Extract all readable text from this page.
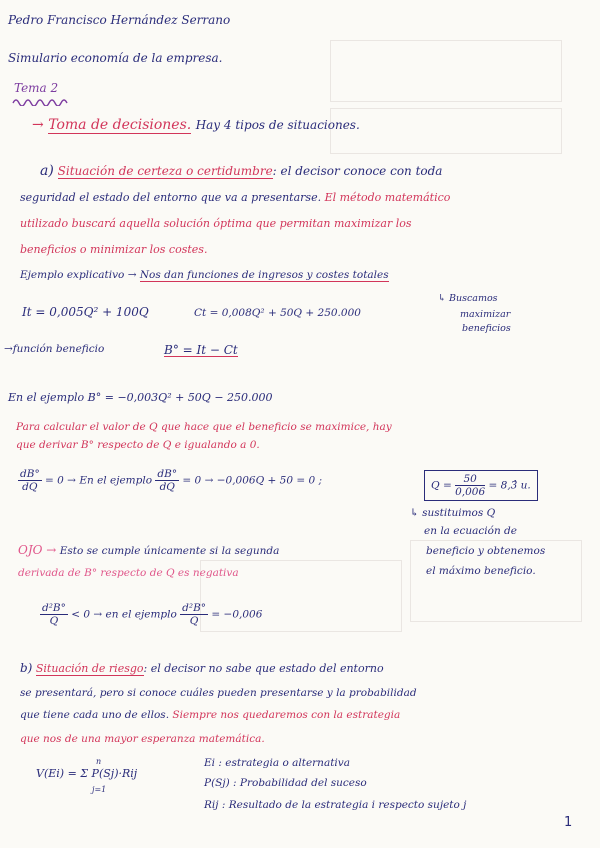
Pedro Francisco Hernández Serrano
Simulario economía de la empresa.
Tema 2
→ Toma de decisiones. Hay 4 tipos de situaciones.
a) Situación de certeza o certidumbre: el decisor conoce con toda
seguridad el estado del entorno que va a presentarse. El método matemático
utilizado buscará aquella solución óptima que permitan maximizar los
beneficios o minimizar los costes.
Ejemplo explicativo → Nos dan funciones de ingresos y costes totales
↳ Buscamos
maximizar
beneficios
It = 0,005Q² + 100Q	Ct = 0,008Q² + 50Q + 250.000
→función beneficio	B° = It − Ct
En el ejemplo B° = −0,003Q² + 50Q − 250.000
Para calcular el valor de Q que hace que el beneficio se maximice, hay
que derivar B° respecto de Q e igualando a 0.
$\frac{dB^\circ}{dQ} = 0 \to En$ el ejemplo $\frac{dB^\circ}{dQ} = 0 \to -0,006Q + 50 = 0$ ;	$Q = \frac{50}{0,006}$ = 8,3̂ u.
↳ sustituimos Q
en la ecuación de
beneficio y obtenemos
el máximo beneficio.
OJO → Esto se cumple únicamente si la segunda
derivada de B° respecto de Q es negativa
$\frac{\text{d²B°}}{Q} < 0$ → en el ejemplo $\frac{\text{d²B°}}{Q} = -0,006$
b) Situación de riesgo: el decisor no sabe que estado del entorno
se presentará, pero si conoce cuáles pueden presentarse y la probabilidad
que tiene cada uno de ellos. Siempre nos quedaremos con la estrategia
que nos de una mayor esperanza matemática.
V(Ei) = Σ P(Sj)·Rij
n
j=1
Ei : estrategia o alternativa
P(Sj) : Probabilidad del suceso
Rij : Resultado de la estrategia i respecto sujeto j
1
